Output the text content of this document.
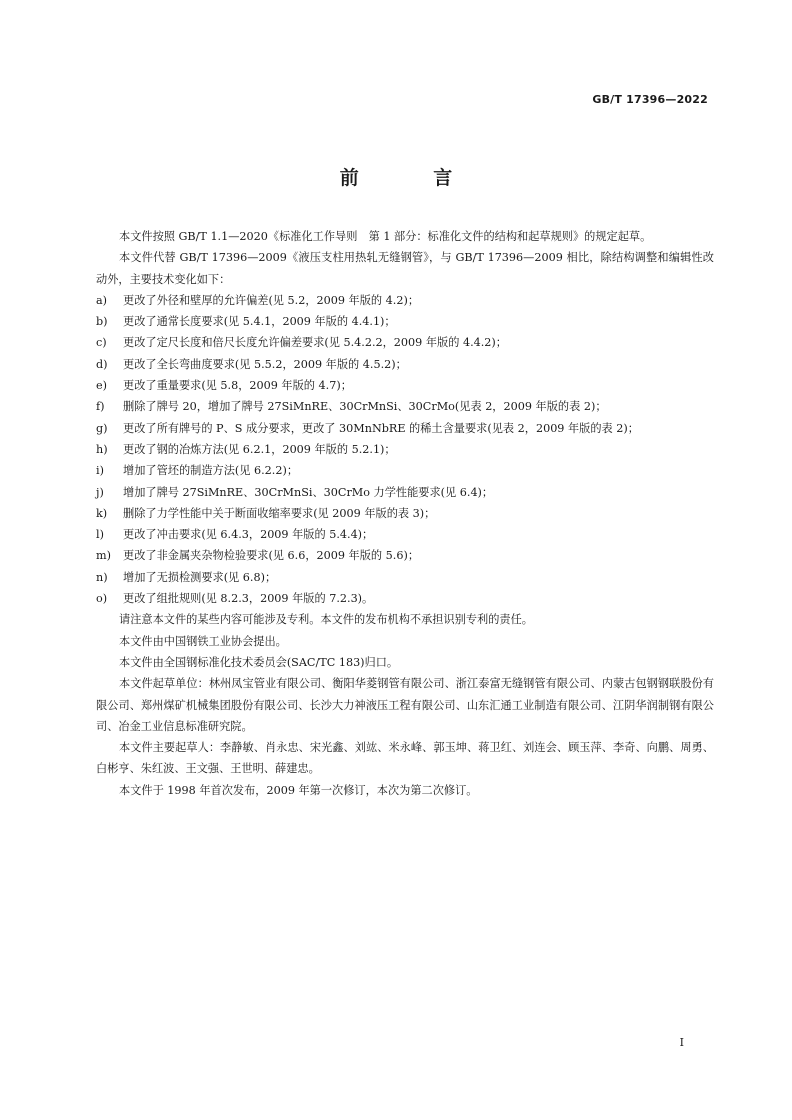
GB/T 17396—2022
前 言

本文件按照 GB/T 1.1—2020《标准化工作导则　第 1 部分：标准化文件的结构和起草规则》的规定起草。

本文件代替 GB/T 17396—2009《液压支柱用热轧无缝钢管》，与 GB/T 17396—2009 相比，除结构调整和编辑性改动外，主要技术变化如下：

a)	更改了外径和壁厚的允许偏差(见 5.2，2009 年版的 4.2)；
b)	更改了通常长度要求(见 5.4.1，2009 年版的 4.4.1)；
c)	更改了定尺长度和倍尺长度允许偏差要求(见 5.4.2.2，2009 年版的 4.4.2)；
d)	更改了全长弯曲度要求(见 5.5.2，2009 年版的 4.5.2)；
e)	更改了重量要求(见 5.8，2009 年版的 4.7)；
f)	删除了牌号 20，增加了牌号 27SiMnRE、30CrMnSi、30CrMo(见表 2，2009 年版的表 2)；
g)	更改了所有牌号的 P、S 成分要求，更改了 30MnNbRE 的稀土含量要求(见表 2，2009 年版的表 2)；
h)	更改了钢的冶炼方法(见 6.2.1，2009 年版的 5.2.1)；
i)	增加了管坯的制造方法(见 6.2.2)；
j)	增加了牌号 27SiMnRE、30CrMnSi、30CrMo 力学性能要求(见 6.4)；
k)	删除了力学性能中关于断面收缩率要求(见 2009 年版的表 3)；
l)	更改了冲击要求(见 6.4.3，2009 年版的 5.4.4)；
m)	更改了非金属夹杂物检验要求(见 6.6，2009 年版的 5.6)；
n)	增加了无损检测要求(见 6.8)；
o)	更改了组批规则(见 8.2.3，2009 年版的 7.2.3)。

请注意本文件的某些内容可能涉及专利。本文件的发布机构不承担识别专利的责任。

本文件由中国钢铁工业协会提出。

本文件由全国钢标准化技术委员会(SAC/TC 183)归口。

本文件起草单位：林州凤宝管业有限公司、衡阳华菱钢管有限公司、浙江泰富无缝钢管有限公司、内蒙古包钢钢联股份有限公司、郑州煤矿机械集团股份有限公司、长沙大力神液压工程有限公司、山东汇通工业制造有限公司、江阴华润制钢有限公司、冶金工业信息标准研究院。

本文件主要起草人：李静敏、肖永忠、宋光鑫、刘竑、米永峰、郭玉坤、蒋卫红、刘连会、顾玉萍、李奇、向鹏、周勇、白彬亨、朱红波、王文强、王世明、薛建忠。

本文件于 1998 年首次发布，2009 年第一次修订，本次为第二次修订。

I
